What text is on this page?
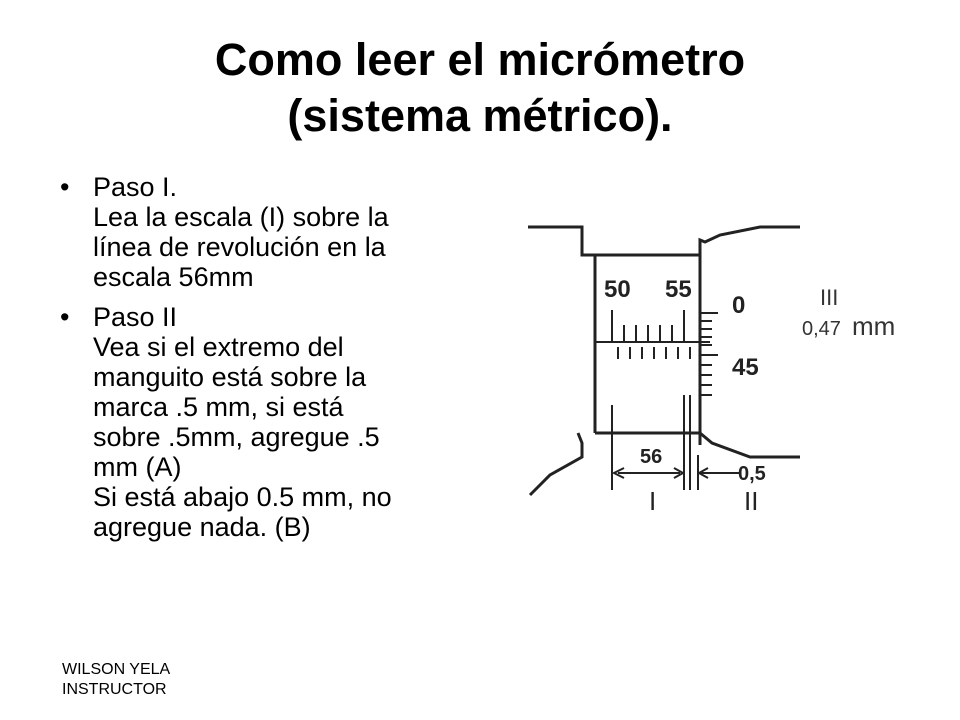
Como leer el micrómetro
(sistema métrico).
• Paso I.
Lea la escala (I) sobre la
línea de revolución en la
escala 56mm
• Paso II
Vea si el extremo del
manguito está sobre la
marca .5 mm, si está
sobre .5mm, agregue .5
mm (A)
Si está abajo 0.5 mm, no
agregue nada. (B)
50 55
0
45
56
0,5
I	II
III
0,47 mm
WILSON YELA
INSTRUCTOR
